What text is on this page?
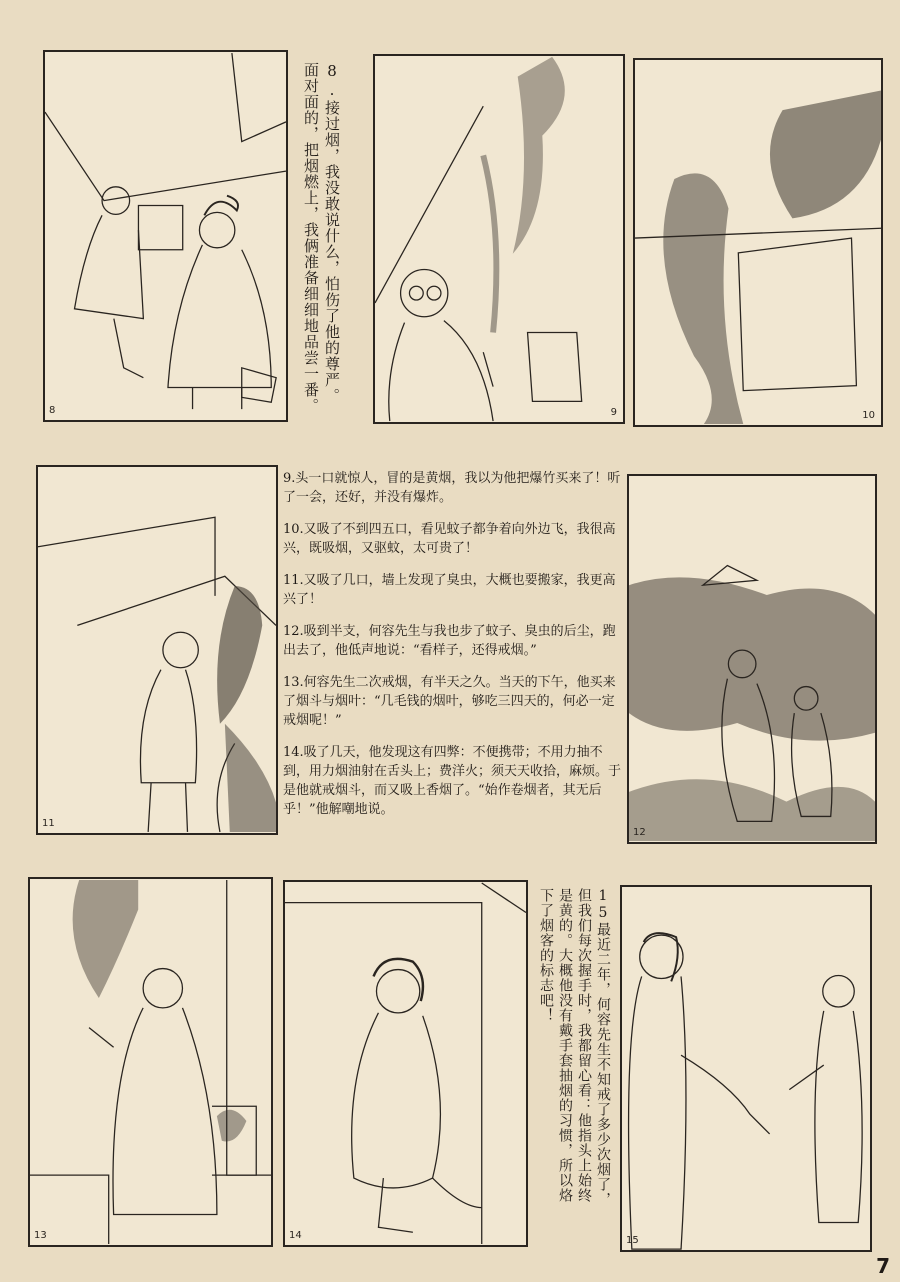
8
8.接过烟，我没敢说什么，怕伤了他的尊严。
面对面的，把烟燃上，我俩准备细细地品尝一番。	9	10
11

9.头一口就惊人，冒的是黄烟，我以为他把爆竹买来了！听了一会，还好，并没有爆炸。

10.又吸了不到四五口，看见蚊子都争着向外边飞，我很高兴，既吸烟，又驱蚊，太可贵了！

11.又吸了几口，墙上发现了臭虫，大概也要搬家，我更高兴了！

12.吸到半支，何容先生与我也步了蚊子、臭虫的后尘，跑出去了，他低声地说：“看样子，还得戒烟。”

13.何容先生二次戒烟，有半天之久。当天的下午，他买来了烟斗与烟叶：“几毛钱的烟叶，够吃三四天的，何必一定戒烟呢！”

14.吸了几天，他发现这有四弊：不便携带；不用力抽不到，用力烟油射在舌头上；费洋火；须天天收拾，麻烦。于是他就戒烟斗，而又吸上香烟了。“始作卷烟者，其无后乎！”他解嘲地说。

12
13	14
15最近二年，何容先生不知戒了多少次烟了，
但我们每次握手时，我都留心看：他指头上始终
是黄的。大概他没有戴手套抽烟的习惯，所以烙
下了烟客的标志吧！
15
7
